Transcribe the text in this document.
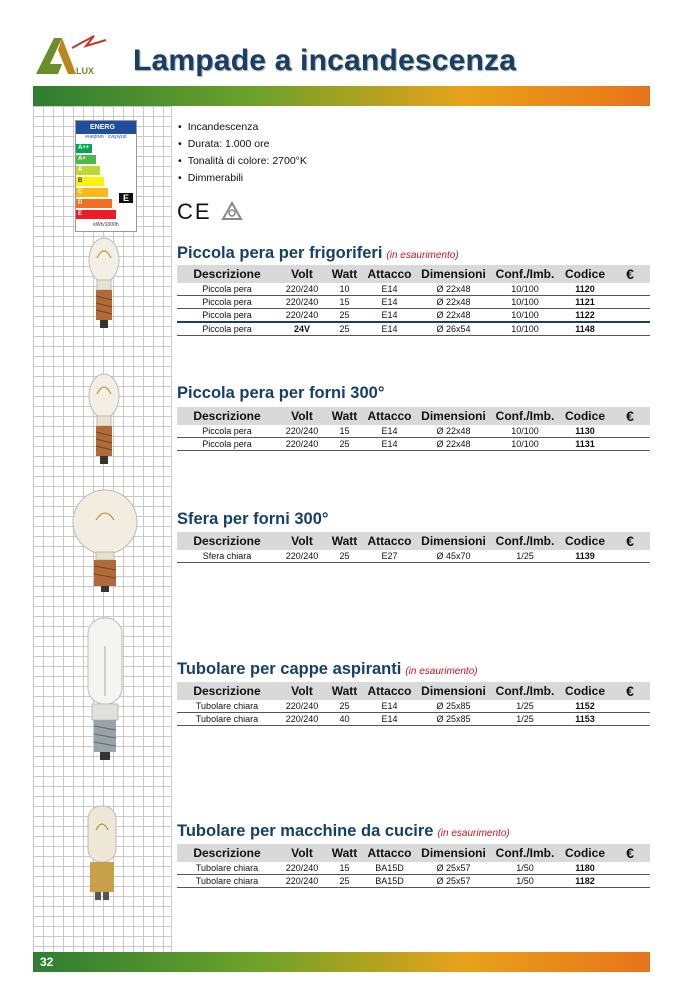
LUX Lampade a incandescenza
ENERG
енергия · ενεργεια
A++
A+
A
B
C
D
E
E
kWh/1000h
• Incandescenza
• Durata: 1.000 ore
• Tonalità di colore: 2700°K
• Dimmerabili
CE
Piccola pera per frigoriferi (in esaurimento)
Descrizione	Volt	Watt	Attacco	Dimensioni	Conf./Imb.	Codice	€
Piccola pera	220/240	10	E14	Ø 22x48	10/100	1120	
Piccola pera	220/240	15	E14	Ø 22x48	10/100	1121	
Piccola pera	220/240	25	E14	Ø 22x48	10/100	1122	
Piccola pera	24V	25	E14	Ø 26x54	10/100	1148	
Piccola pera per forni 300°
Descrizione	Volt	Watt	Attacco	Dimensioni	Conf./Imb.	Codice	€
Piccola pera	220/240	15	E14	Ø 22x48	10/100	1130	
Piccola pera	220/240	25	E14	Ø 22x48	10/100	1131	
Sfera per forni 300°
Descrizione	Volt	Watt	Attacco	Dimensioni	Conf./Imb.	Codice	€
Sfera chiara	220/240	25	E27	Ø 45x70	1/25	1139	
Tubolare per cappe aspiranti (in esaurimento)
Descrizione	Volt	Watt	Attacco	Dimensioni	Conf./Imb.	Codice	€
Tubolare chiara	220/240	25	E14	Ø 25x85	1/25	1152	
Tubolare chiara	220/240	40	E14	Ø 25x85	1/25	1153	
Tubolare per macchine da cucire (in esaurimento)
Descrizione	Volt	Watt	Attacco	Dimensioni	Conf./Imb.	Codice	€
Tubolare chiara	220/240	15	BA15D	Ø 25x57	1/50	1180	
Tubolare chiara	220/240	25	BA15D	Ø 25x57	1/50	1182	
32
